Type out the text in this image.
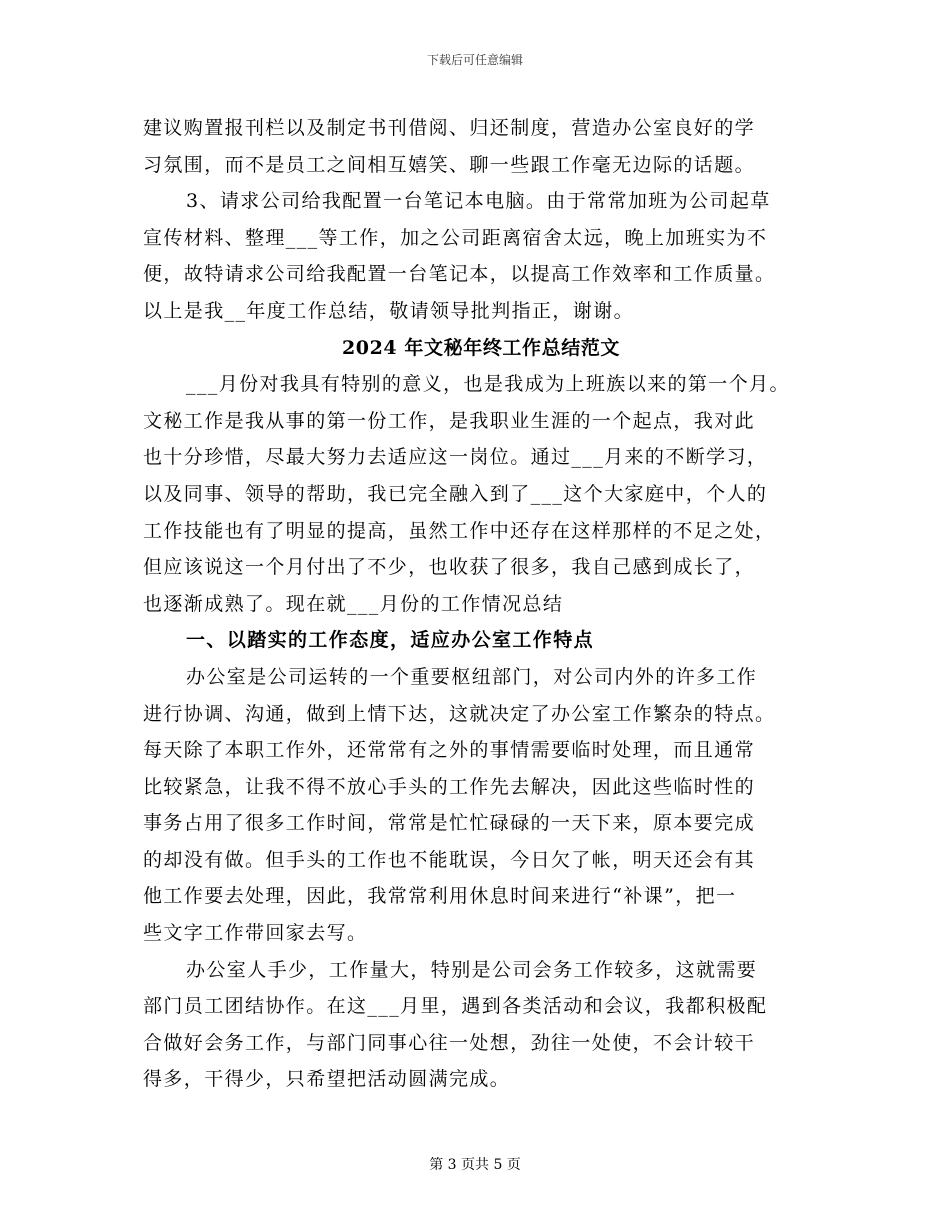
下载后可任意编辑
建议购置报刊栏以及制定书刊借阅、归还制度，营造办公室良好的学
习氛围，而不是员工之间相互嬉笑、聊一些跟工作毫无边际的话题。
3、请求公司给我配置一台笔记本电脑。由于常常加班为公司起草
宣传材料、整理___等工作，加之公司距离宿舍太远，晚上加班实为不
便，故特请求公司给我配置一台笔记本，以提高工作效率和工作质量。
以上是我__年度工作总结，敬请领导批判指正，谢谢。
2024 年文秘年终工作总结范文
___月份对我具有特别的意义，也是我成为上班族以来的第一个月。
文秘工作是我从事的第一份工作，是我职业生涯的一个起点，我对此
也十分珍惜，尽最大努力去适应这一岗位。通过___月来的不断学习，
以及同事、领导的帮助，我已完全融入到了___这个大家庭中，个人的
工作技能也有了明显的提高，虽然工作中还存在这样那样的不足之处，
但应该说这一个月付出了不少，也收获了很多，我自己感到成长了，
也逐渐成熟了。现在就___月份的工作情况总结
一、以踏实的工作态度，适应办公室工作特点
办公室是公司运转的一个重要枢纽部门，对公司内外的许多工作
进行协调、沟通，做到上情下达，这就决定了办公室工作繁杂的特点。
每天除了本职工作外，还常常有之外的事情需要临时处理，而且通常
比较紧急，让我不得不放心手头的工作先去解决，因此这些临时性的
事务占用了很多工作时间，常常是忙忙碌碌的一天下来，原本要完成
的却没有做。但手头的工作也不能耽误，今日欠了帐，明天还会有其
他工作要去处理，因此，我常常利用休息时间来进行“补课”，把一
些文字工作带回家去写。
办公室人手少，工作量大，特别是公司会务工作较多，这就需要
部门员工团结协作。在这___月里，遇到各类活动和会议，我都积极配
合做好会务工作，与部门同事心往一处想，劲往一处使，不会计较干
得多，干得少，只希望把活动圆满完成。
第 3 页共 5 页
